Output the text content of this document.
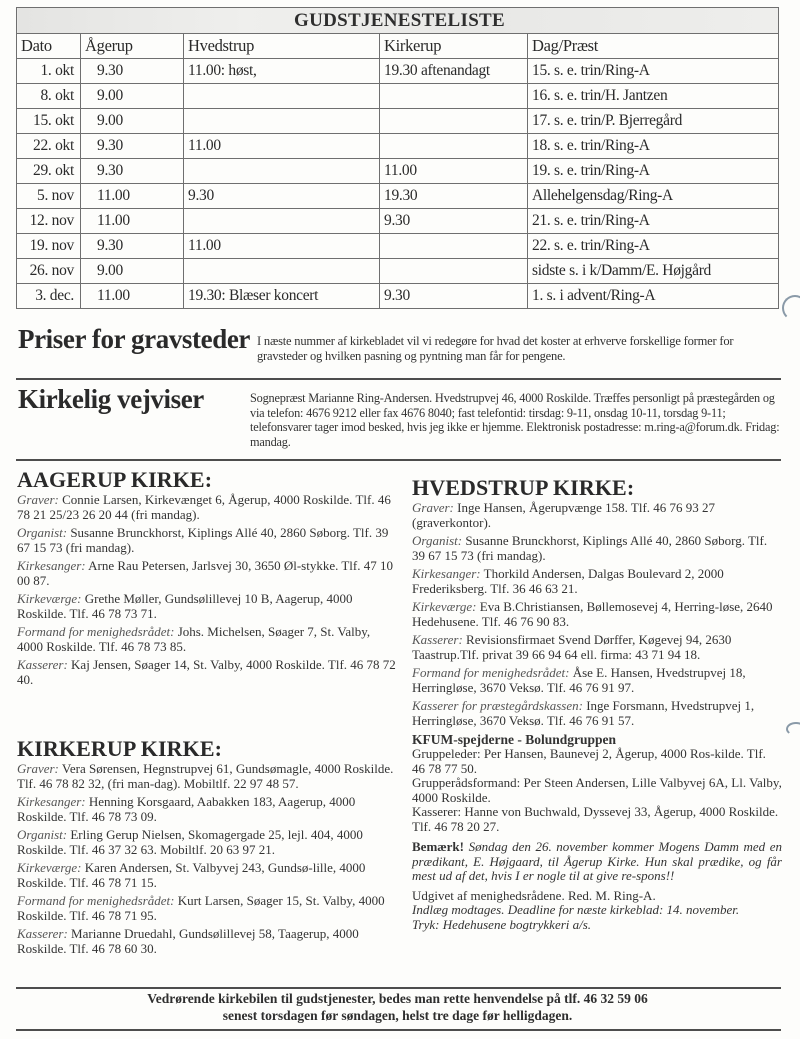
GUDSTJENESTELISTE				
Dato	Ågerup	Hvedstrup	Kirkerup	Dag/Præst
1. okt	9.30	11.00: høst,	19.30 aftenandagt	15. s. e. trin/Ring-A
8. okt	9.00			16. s. e. trin/H. Jantzen
15. okt	9.00			17. s. e. trin/P. Bjerregård
22. okt	9.30	11.00		18. s. e. trin/Ring-A
29. okt	9.30		11.00	19. s. e. trin/Ring-A
5. nov	11.00	9.30	19.30	Allehelgensdag/Ring-A
12. nov	11.00		9.30	21. s. e. trin/Ring-A
19. nov	9.30	11.00		22. s. e. trin/Ring-A
26. nov	9.00			sidste s. i k/Damm/E. Højgård
3. dec.	11.00	19.30: Blæser koncert	9.30	1. s. i advent/Ring-A
Priser for gravsteder I næste nummer af kirkebladet vil vi redegøre for hvad det koster at erhverve forskellige former for gravsteder og hvilken pasning og pyntning man får for pengene.
Kirkelig vejviser	Sognepræst Marianne Ring-Andersen. Hvedstrupvej 46, 4000 Roskilde. Træffes personligt på præstegården og via telefon: 4676 9212 eller fax 4676 8040; fast telefontid: tirsdag: 9-11, onsdag 10-11, torsdag 9-11; telefonsvarer tager imod besked, hvis jeg ikke er hjemme. Elektronisk postadresse: m.ring-a@forum.dk. Fridag: mandag.
AAGERUP KIRKE:
Graver: Connie Larsen, Kirkevænget 6, Ågerup, 4000 Roskilde. Tlf. 46 78 21 25/23 26 20 44 (fri mandag).
Organist: Susanne Brunckhorst, Kiplings Allé 40, 2860 Søborg. Tlf. 39 67 15 73 (fri mandag).
Kirkesanger: Arne Rau Petersen, Jarlsvej 30, 3650 Øl-stykke. Tlf. 47 10 00 87.
Kirkeværge: Grethe Møller, Gundsølillevej 10 B, Aagerup, 4000 Roskilde. Tlf. 46 78 73 71.
Formand for menighedsrådet: Johs. Michelsen, Søager 7, St. Valby, 4000 Roskilde. Tlf. 46 78 73 85.
Kasserer: Kaj Jensen, Søager 14, St. Valby, 4000 Roskilde. Tlf. 46 78 72 40.
KIRKERUP KIRKE:
Graver: Vera Sørensen, Hegnstrupvej 61, Gundsømagle, 4000 Roskilde. Tlf. 46 78 82 32, (fri man-dag). Mobiltlf. 22 97 48 57.
Kirkesanger: Henning Korsgaard, Aabakken 183, Aagerup, 4000 Roskilde. Tlf. 46 78 73 09.
Organist: Erling Gerup Nielsen, Skomagergade 25, lejl. 404, 4000 Roskilde. Tlf. 46 37 32 63. Mobiltlf. 20 63 97 21.
Kirkeværge: Karen Andersen, St. Valbyvej 243, Gundsø-lille, 4000 Roskilde. Tlf. 46 78 71 15.
Formand for menighedsrådet: Kurt Larsen, Søager 15, St. Valby, 4000 Roskilde. Tlf. 46 78 71 95.
Kasserer: Marianne Druedahl, Gundsølillevej 58, Taagerup, 4000 Roskilde. Tlf. 46 78 60 30.
HVEDSTRUP KIRKE:
Graver: Inge Hansen, Ågerupvænge 158. Tlf. 46 76 93 27 (graverkontor).
Organist: Susanne Brunckhorst, Kiplings Allé 40, 2860 Søborg. Tlf. 39 67 15 73 (fri mandag).
Kirkesanger: Thorkild Andersen, Dalgas Boulevard 2, 2000 Frederiksberg. Tlf. 36 46 63 21.
Kirkeværge: Eva B.Christiansen, Bøllemosevej 4, Herring-løse, 2640 Hedehusene. Tlf. 46 76 90 83.
Kasserer: Revisionsfirmaet Svend Dørffer, Køgevej 94, 2630 Taastrup.Tlf. privat 39 66 94 64 ell. firma: 43 71 94 18.
Formand for menighedsrådet: Åse E. Hansen, Hvedstrupvej 18, Herringløse, 3670 Veksø. Tlf. 46 76 91 97.
Kasserer for præstegårdskassen: Inge Forsmann, Hvedstrupvej 1, Herringløse, 3670 Veksø. Tlf. 46 76 91 57.
KFUM-spejderne - Bolundgruppen

Gruppeleder: Per Hansen, Baunevej 2, Ågerup, 4000 Ros-kilde. Tlf. 46 78 77 50.

Grupperådsformand: Per Steen Andersen, Lille Valbyvej 6A, Ll. Valby, 4000 Roskilde.

Kasserer: Hanne von Buchwald, Dyssevej 33, Ågerup, 4000 Roskilde. Tlf. 46 78 20 27.

Bemærk! Søndag den 26. november kommer Mogens Damm med en prædikant, E. Højgaard, til Ågerup Kirke. Hun skal prædike, og får mest ud af det, hvis I er nogle til at give re-spons!!

Udgivet af menighedsrådene. Red. M. Ring-A.

Indlæg modtages. Deadline for næste kirkeblad: 14. november.

Tryk: Hedehusene bogtrykkeri a/s.

Vedrørende kirkebilen til gudstjenester, bedes man rette henvendelse på tlf. 46 32 59 06
senest torsdagen før søndagen, helst tre dage før helligdagen.
